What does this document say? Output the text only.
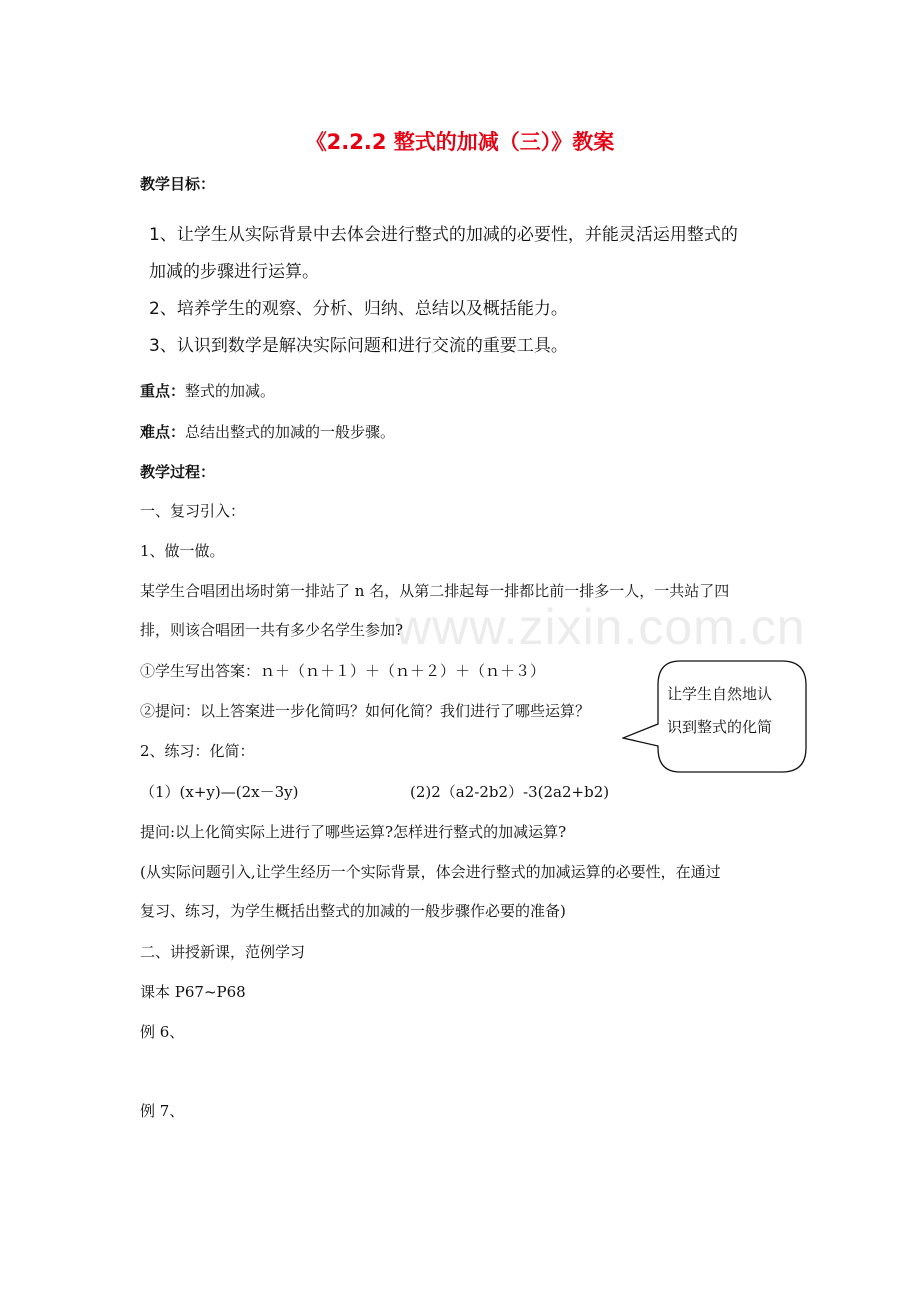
www.zixin.com.cn
《2.2.2 整式的加减（三）》教案
教学目标：
1、让学生从实际背景中去体会进行整式的加减的必要性，并能灵活运用整式的
加减的步骤进行运算。
2、培养学生的观察、分析、归纳、总结以及概括能力。
3、认识到数学是解决实际问题和进行交流的重要工具。
重点：整式的加减。
难点：总结出整式的加减的一般步骤。
教学过程：
一、复习引入：
1、做一做。
某学生合唱团出场时第一排站了 n 名，从第二排起每一排都比前一排多一人，一共站了四
排，则该合唱团一共有多少名学生参加?
①学生写出答案：ｎ＋（ｎ＋１）＋（ｎ＋２）＋（ｎ＋３）
②提问：以上答案进一步化简吗？如何化简？我们进行了哪些运算？
2、练习：化简：
（1）(x+y)—(2x－3y)	(2)2（a2-2b2）-3(2a2+b2)
提问:以上化简实际上进行了哪些运算?怎样进行整式的加减运算?
(从实际问题引入,让学生经历一个实际背景，体会进行整式的加减运算的必要性，在通过
复习、练习，为学生概括出整式的加减的一般步骤作必要的准备)
二、讲授新课，范例学习
课本 P67~P68
例 6、
例 7、
让学生自然地认
识到整式的化简
